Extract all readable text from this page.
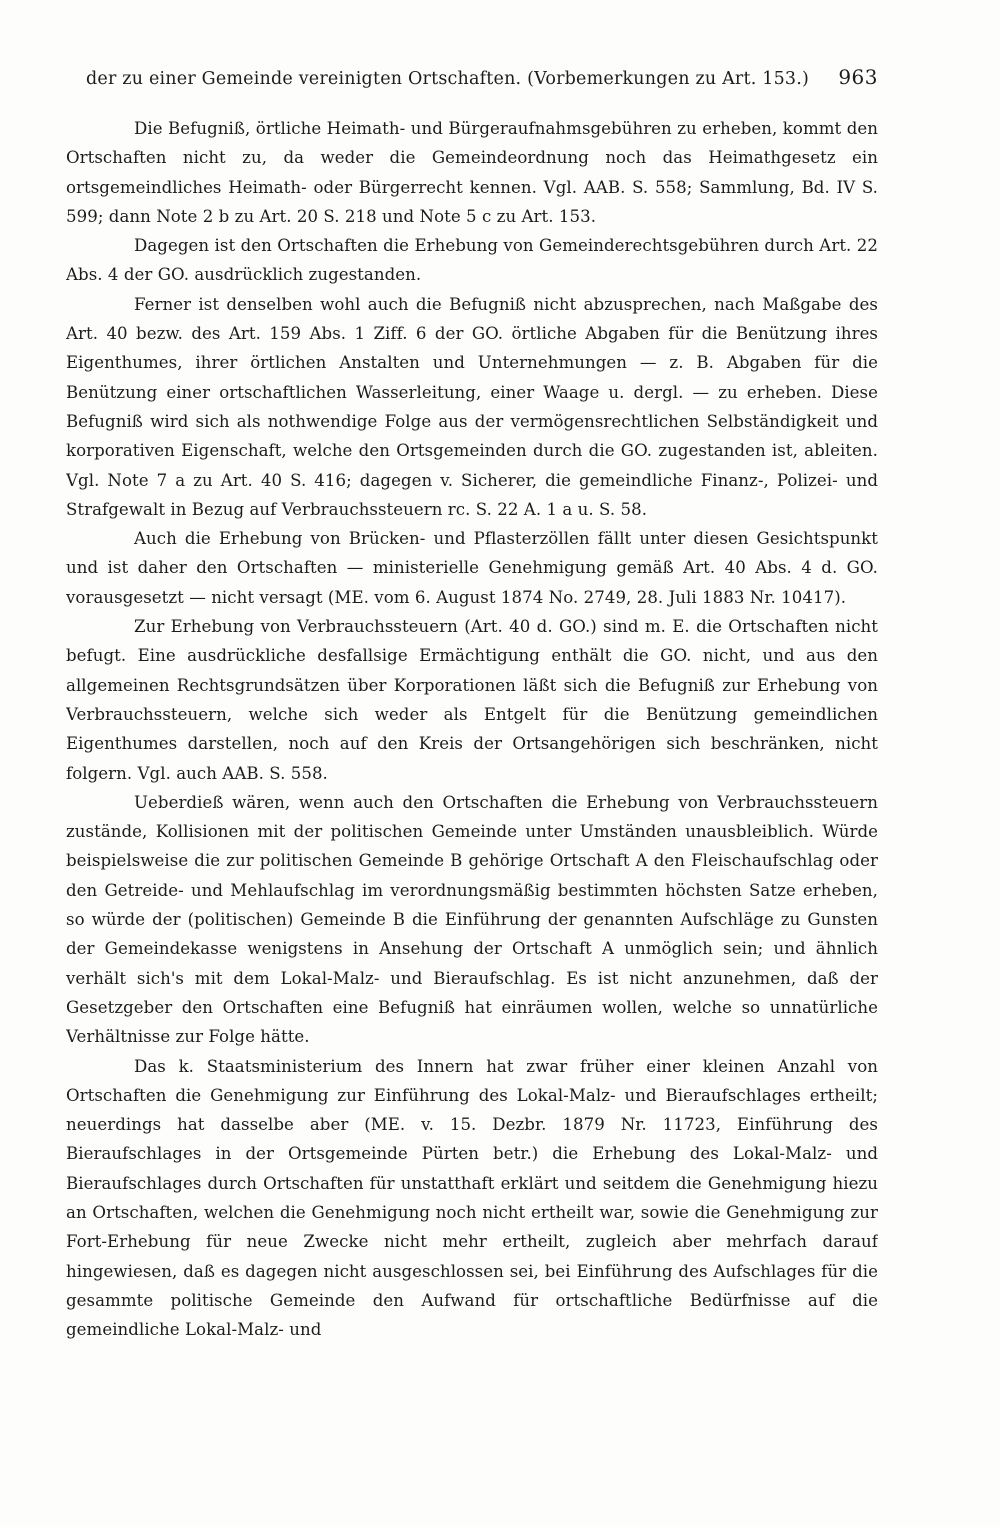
der zu einer Gemeinde vereinigten Ortschaften. (Vorbemerkungen zu Art. 153.) 963

Die Befugniß, örtliche Heimath- und Bürgeraufnahmsgebühren zu erheben, kommt den Ortschaften nicht zu, da weder die Gemeindeordnung noch das Heimathgesetz ein ortsgemeindliches Heimath- oder Bürgerrecht kennen. Vgl. AAB. S. 558; Sammlung, Bd. IV S. 599; dann Note 2 b zu Art. 20 S. 218 und Note 5 c zu Art. 153.

Dagegen ist den Ortschaften die Erhebung von Gemeinderechtsgebühren durch Art. 22 Abs. 4 der GO. ausdrücklich zugestanden.

Ferner ist denselben wohl auch die Befugniß nicht abzusprechen, nach Maßgabe des Art. 40 bezw. des Art. 159 Abs. 1 Ziff. 6 der GO. örtliche Abgaben für die Benützung ihres Eigenthumes, ihrer örtlichen Anstalten und Unternehmungen — z. B. Abgaben für die Benützung einer ortschaftlichen Wasserleitung, einer Waage u. dergl. — zu erheben. Diese Befugniß wird sich als nothwendige Folge aus der vermögensrechtlichen Selbständigkeit und korporativen Eigenschaft, welche den Ortsgemeinden durch die GO. zugestanden ist, ableiten. Vgl. Note 7 a zu Art. 40 S. 416; dagegen v. Sicherer, die gemeindliche Finanz-, Polizei- und Strafgewalt in Bezug auf Verbrauchssteuern rc. S. 22 A. 1 a u. S. 58.

Auch die Erhebung von Brücken- und Pflasterzöllen fällt unter diesen Gesichtspunkt und ist daher den Ortschaften — ministerielle Genehmigung gemäß Art. 40 Abs. 4 d. GO. vorausgesetzt — nicht versagt (ME. vom 6. August 1874 No. 2749, 28. Juli 1883 Nr. 10417).

Zur Erhebung von Verbrauchssteuern (Art. 40 d. GO.) sind m. E. die Ortschaften nicht befugt. Eine ausdrückliche desfallsige Ermächtigung enthält die GO. nicht, und aus den allgemeinen Rechtsgrundsätzen über Korporationen läßt sich die Befugniß zur Erhebung von Verbrauchssteuern, welche sich weder als Entgelt für die Benützung gemeindlichen Eigenthumes darstellen, noch auf den Kreis der Ortsangehörigen sich beschränken, nicht folgern. Vgl. auch AAB. S. 558.

Ueberdieß wären, wenn auch den Ortschaften die Erhebung von Verbrauchssteuern zustände, Kollisionen mit der politischen Gemeinde unter Umständen unausbleiblich. Würde beispielsweise die zur politischen Gemeinde B gehörige Ortschaft A den Fleischaufschlag oder den Getreide- und Mehlaufschlag im verordnungsmäßig bestimmten höchsten Satze erheben, so würde der (politischen) Gemeinde B die Einführung der genannten Aufschläge zu Gunsten der Gemeindekasse wenigstens in Ansehung der Ortschaft A unmöglich sein; und ähnlich verhält sich's mit dem Lokal-Malz- und Bieraufschlag. Es ist nicht anzunehmen, daß der Gesetzgeber den Ortschaften eine Befugniß hat einräumen wollen, welche so unnatürliche Verhältnisse zur Folge hätte.

Das k. Staatsministerium des Innern hat zwar früher einer kleinen Anzahl von Ortschaften die Genehmigung zur Einführung des Lokal-Malz- und Bieraufschlages ertheilt; neuerdings hat dasselbe aber (ME. v. 15. Dezbr. 1879 Nr. 11723, Einführung des Bieraufschlages in der Ortsgemeinde Pürten betr.) die Erhebung des Lokal-Malz- und Bieraufschlages durch Ortschaften für unstatthaft erklärt und seitdem die Genehmigung hiezu an Ortschaften, welchen die Genehmigung noch nicht ertheilt war, sowie die Genehmigung zur Fort-Erhebung für neue Zwecke nicht mehr ertheilt, zugleich aber mehrfach darauf hingewiesen, daß es dagegen nicht ausgeschlossen sei, bei Einführung des Aufschlages für die gesammte politische Gemeinde den Aufwand für ortschaftliche Bedürfnisse auf die gemeindliche Lokal-Malz- und
